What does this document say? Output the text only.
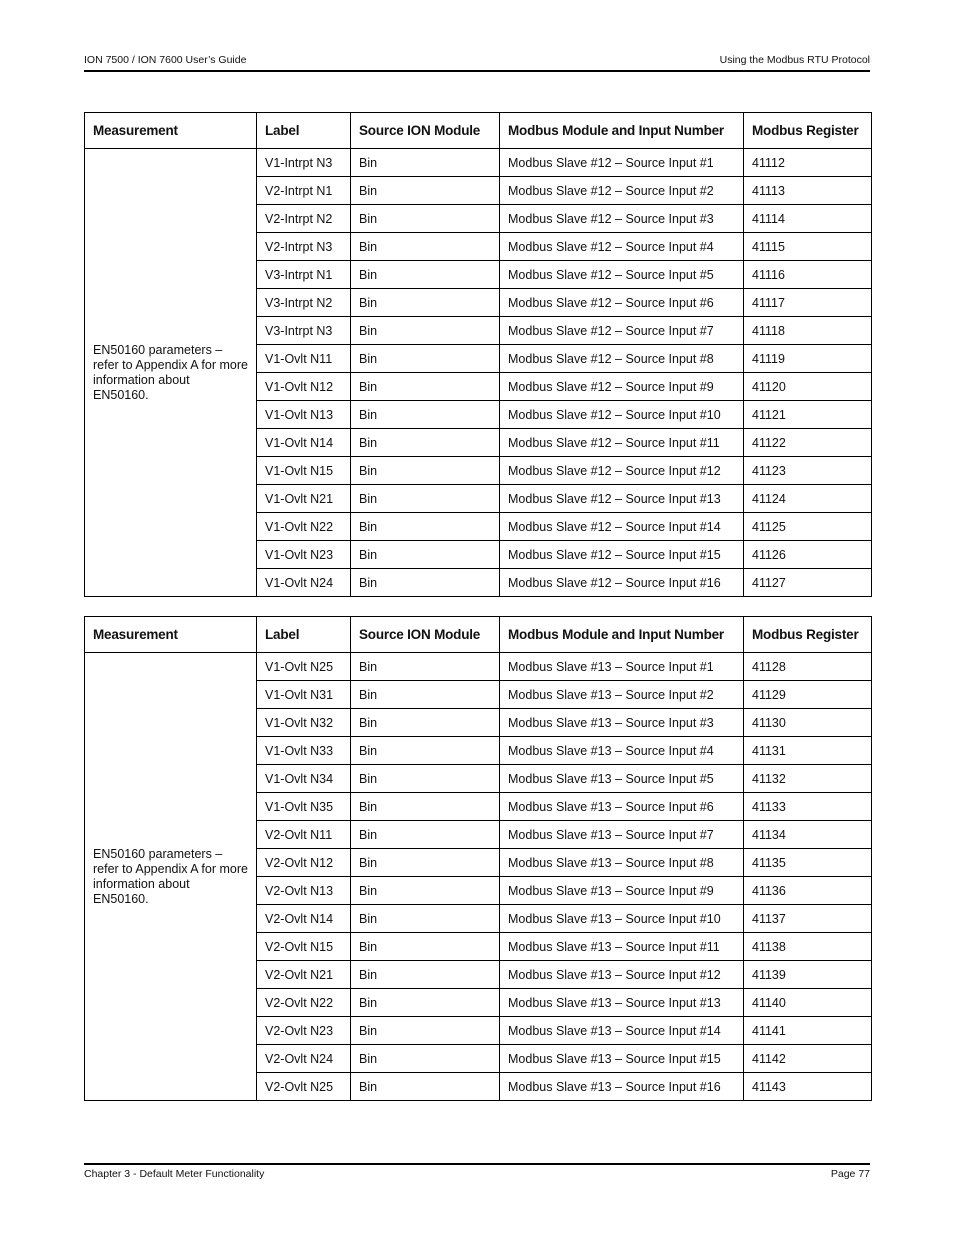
ION 7500 / ION 7600 User’s Guide	Using the Modbus RTU Protocol
Measurement	Label	Source ION Module	Modbus Module and Input Number	Modbus Register
EN50160 parameters – refer to Appendix A for more information about EN50160.	V1-Intrpt N3	Bin	Modbus Slave #12 – Source Input #1	41112
	V2-Intrpt N1	Bin	Modbus Slave #12 – Source Input #2	41113
	V2-Intrpt N2	Bin	Modbus Slave #12 – Source Input #3	41114
	V2-Intrpt N3	Bin	Modbus Slave #12 – Source Input #4	41115
	V3-Intrpt N1	Bin	Modbus Slave #12 – Source Input #5	41116
	V3-Intrpt N2	Bin	Modbus Slave #12 – Source Input #6	41117
	V3-Intrpt N3	Bin	Modbus Slave #12 – Source Input #7	41118
	V1-Ovlt N11	Bin	Modbus Slave #12 – Source Input #8	41119
	V1-Ovlt N12	Bin	Modbus Slave #12 – Source Input #9	41120
	V1-Ovlt N13	Bin	Modbus Slave #12 – Source Input #10	41121
	V1-Ovlt N14	Bin	Modbus Slave #12 – Source Input #11	41122
	V1-Ovlt N15	Bin	Modbus Slave #12 – Source Input #12	41123
	V1-Ovlt N21	Bin	Modbus Slave #12 – Source Input #13	41124
	V1-Ovlt N22	Bin	Modbus Slave #12 – Source Input #14	41125
	V1-Ovlt N23	Bin	Modbus Slave #12 – Source Input #15	41126
	V1-Ovlt N24	Bin	Modbus Slave #12 – Source Input #16	41127
Measurement	Label	Source ION Module	Modbus Module and Input Number	Modbus Register
EN50160 parameters – refer to Appendix A for more information about EN50160.	V1-Ovlt N25	Bin	Modbus Slave #13 – Source Input #1	41128
	V1-Ovlt N31	Bin	Modbus Slave #13 – Source Input #2	41129
	V1-Ovlt N32	Bin	Modbus Slave #13 – Source Input #3	41130
	V1-Ovlt N33	Bin	Modbus Slave #13 – Source Input #4	41131
	V1-Ovlt N34	Bin	Modbus Slave #13 – Source Input #5	41132
	V1-Ovlt N35	Bin	Modbus Slave #13 – Source Input #6	41133
	V2-Ovlt N11	Bin	Modbus Slave #13 – Source Input #7	41134
	V2-Ovlt N12	Bin	Modbus Slave #13 – Source Input #8	41135
	V2-Ovlt N13	Bin	Modbus Slave #13 – Source Input #9	41136
	V2-Ovlt N14	Bin	Modbus Slave #13 – Source Input #10	41137
	V2-Ovlt N15	Bin	Modbus Slave #13 – Source Input #11	41138
	V2-Ovlt N21	Bin	Modbus Slave #13 – Source Input #12	41139
	V2-Ovlt N22	Bin	Modbus Slave #13 – Source Input #13	41140
	V2-Ovlt N23	Bin	Modbus Slave #13 – Source Input #14	41141
	V2-Ovlt N24	Bin	Modbus Slave #13 – Source Input #15	41142
	V2-Ovlt N25	Bin	Modbus Slave #13 – Source Input #16	41143
Chapter 3 - Default Meter Functionality	Page 77
